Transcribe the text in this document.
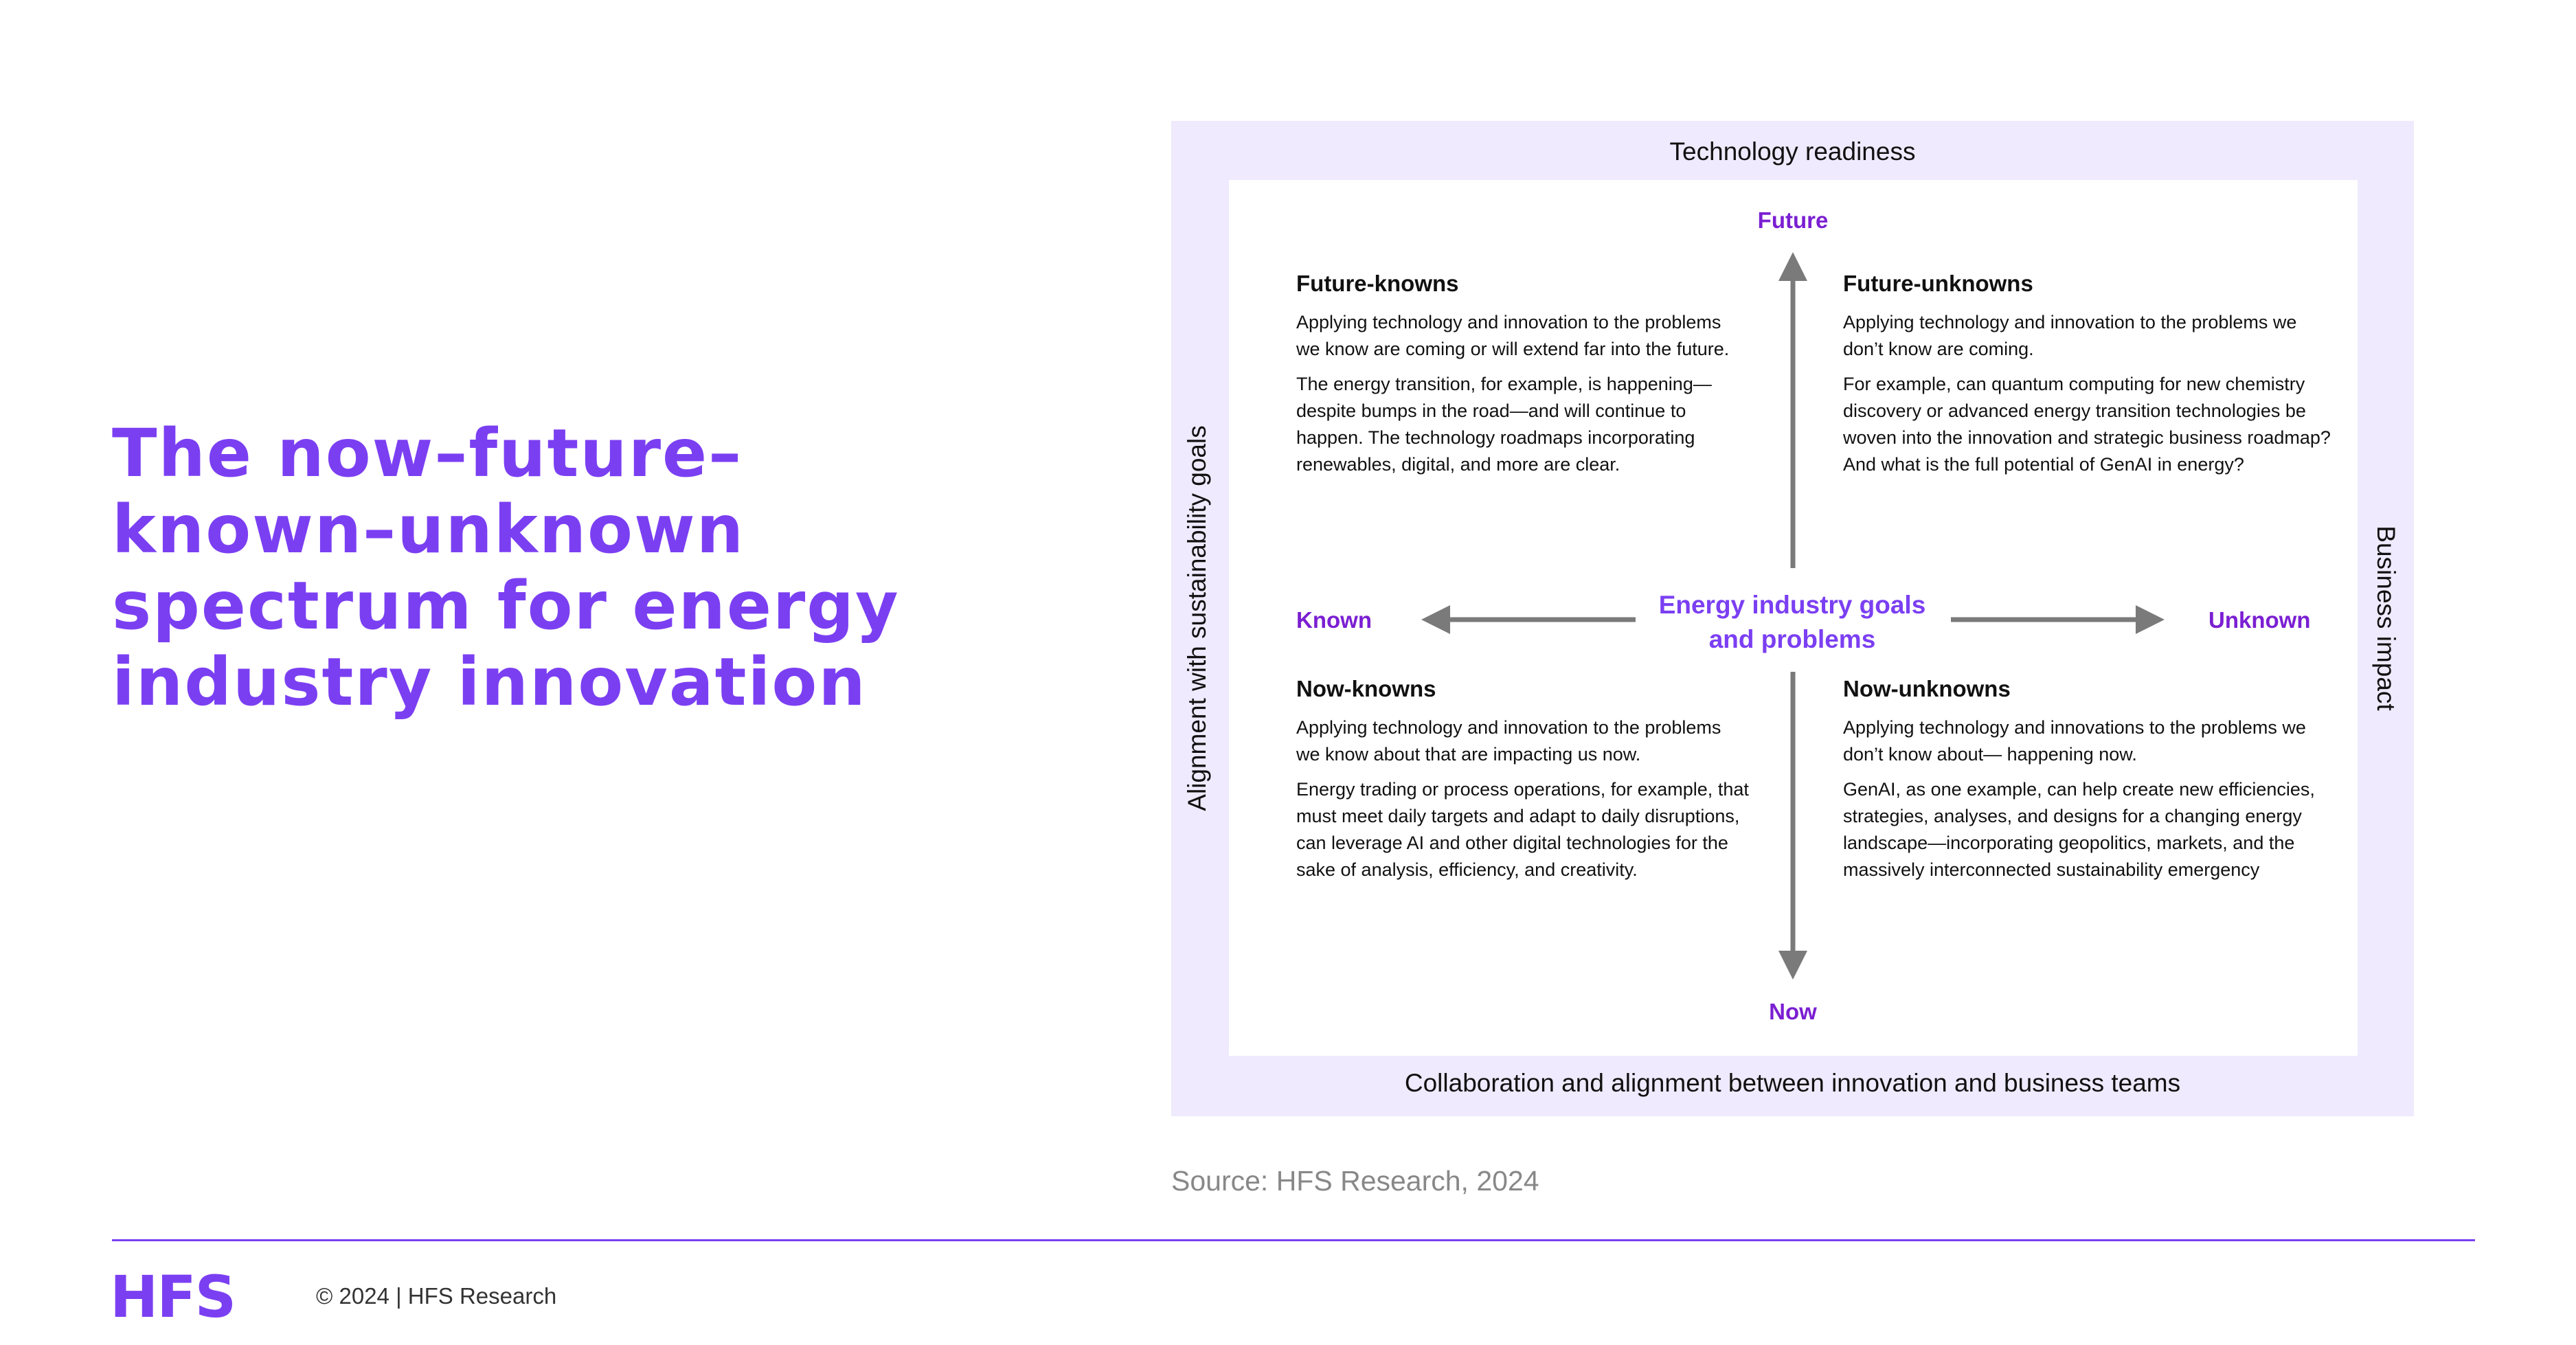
The now–future–known–unknown spectrum for energy industry innovation
Technology readiness
Alignment with sustainability goals	Business impact
Collaboration and alignment between innovation and business teams
Future
Now
Known	Unknown
Energy industry goals
and problems
Future-knowns

Applying technology and innovation to the problems we know are coming or will extend far into the future.

The energy transition, for example, is happening—despite bumps in the road—and will continue to happen. The technology roadmaps incorporating renewables, digital, and more are clear.

Future-unknowns

Applying technology and innovation to the problems we don’t know are coming.

For example, can quantum computing for new chemistry discovery or advanced energy transition technologies be woven into the innovation and strategic business roadmap? And what is the full potential of GenAI in energy?

Now-knowns

Applying technology and innovation to the problems we know about that are impacting us now.

Energy trading or process operations, for example, that must meet daily targets and adapt to daily disruptions, can leverage AI and other digital technologies for the sake of analysis, efficiency, and creativity.

Now-unknowns

Applying technology and innovations to the problems we don’t know about— happening now.

GenAI, as one example, can help create new efficiencies, strategies, analyses, and designs for a changing energy landscape—incorporating geopolitics, markets, and the massively interconnected sustainability emergency

Source: HFS Research, 2024
HFS	© 2024 | HFS Research
